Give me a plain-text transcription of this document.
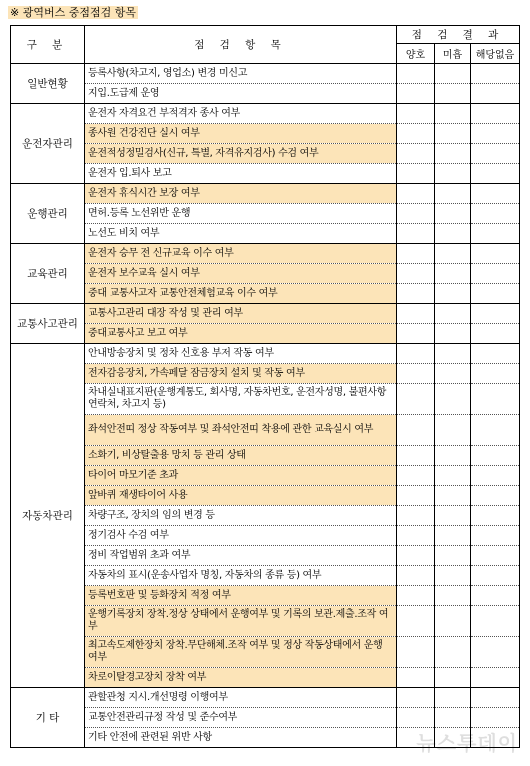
※ 광역버스 중점점검 항목
구 분	점 검 항 목	점 검 결 과		
		양호	미흡	해당없음
일반현황	등록사항(차고지, 영업소) 변경 미신고			
	지입.도급제 운영			
운전자관리	운전자 자격요건 부적격자 종사 여부			
	종사원 건강진단 실시 여부			
	운전적성정밀검사(신규, 특별, 자격유지검사) 수검 여부			
	운전자 입.퇴사 보고			
운행관리	운전자 휴식시간 보장 여부			
	면허.등록 노선위반 운행			
	노선도 비치 여부			
교육관리	운전자 승무 전 신규교육 이수 여부			
	운전자 보수교육 실시 여부			
	중대 교통사고자 교통안전체험교육 이수 여부			
교통사고관리	교통사고관리 대장 작성 및 관리 여부			
	중대교통사고 보고 여부			
자동차관리	안내방송장치 및 정차 신호용 부저 작동 여부			
	전자감응장치, 가속페달 잠금장치 설치 및 작동 여부			
	차내실내표지판(운행계통도, 회사명, 자동차번호, 운전자성명, 불편사항연락처, 차고지 등)			
	좌석안전띠 정상 작동여부 및 좌석안전띠 착용에 관한 교육실시 여부			
	소화기, 비상탈출용 망치 등 관리 상태			
	타이어 마모기준 초과			
	앞바퀴 재생타이어 사용			
	차량구조, 장치의 임의 변경 등			
	정기검사 수검 여부			
	정비 작업범위 초과 여부			
	자동차의 표시(운송사업자 명칭, 자동차의 종류 등) 여부			
	등록번호판 및 등화장치 적정 여부			
	운행기록장치 장착.정상 상태에서 운행여부 및 기록의 보관.제출.조작 여부			
	최고속도제한장치 장착.무단해체.조작 여부 및 정상 작동상태에서 운행 여부			
	차로이탈경고장치 장착 여부			
기 타	관할관청 지시.개선명령 이행여부			
	교통안전관리규정 작성 및 준수여부			
	기타 안전에 관련된 위반 사항				뉴스투데이
